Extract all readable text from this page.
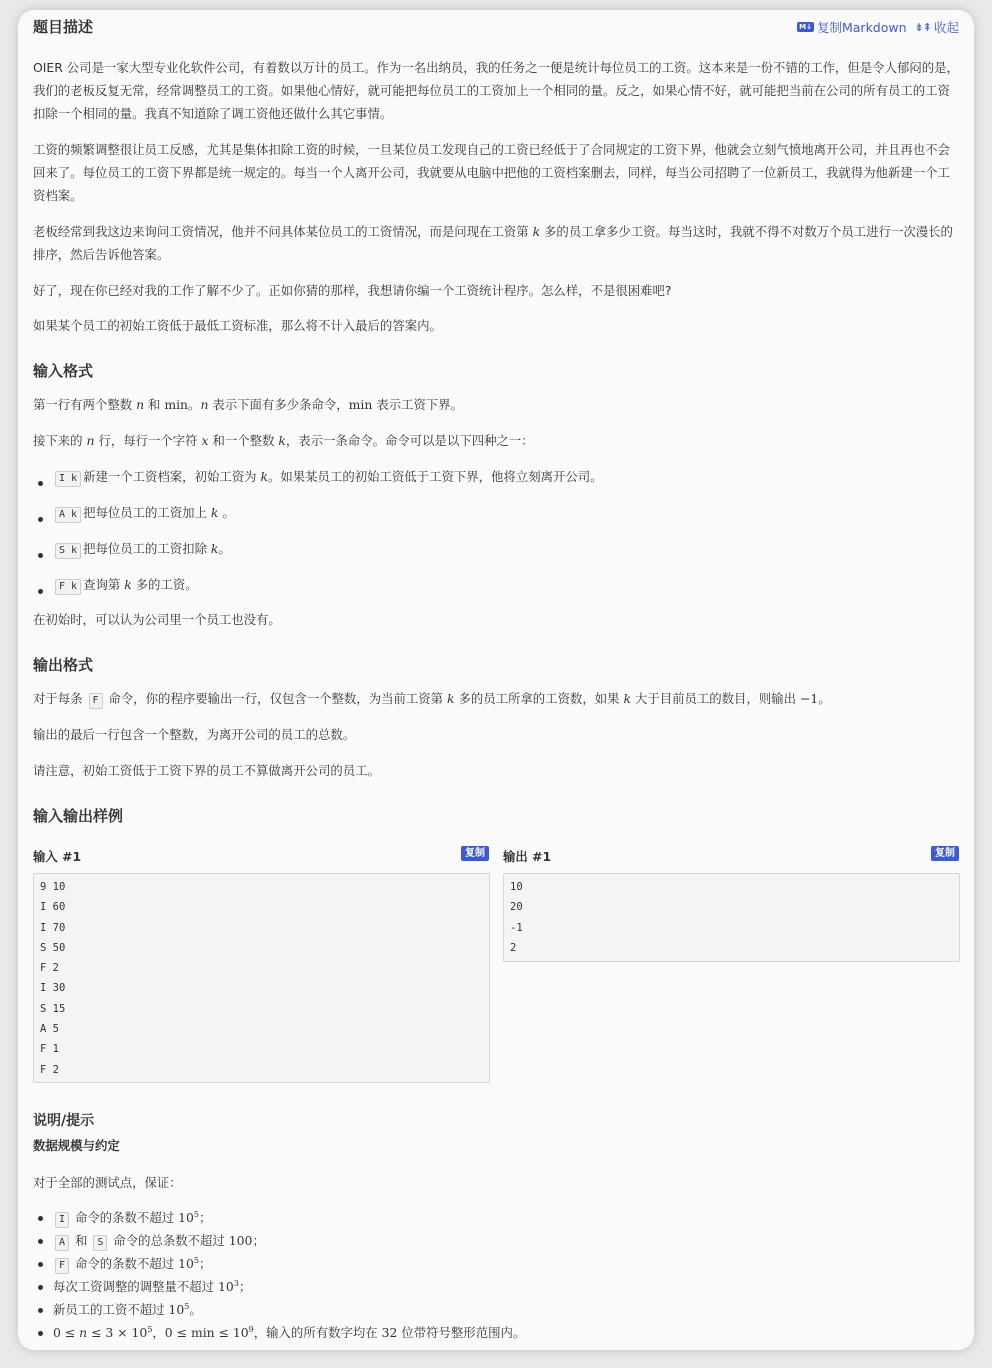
题目描述	M↓ 复制Markdown ⇟⇞ 收起

OIER 公司是一家大型专业化软件公司，有着数以万计的员工。作为一名出纳员，我的任务之一便是统计每位员工的工资。这本来是一份不错的工作，但是令人郁闷的是，我们的老板反复无常，经常调整员工的工资。如果他心情好，就可能把每位员工的工资加上一个相同的量。反之，如果心情不好，就可能把当前在公司的所有员工的工资扣除一个相同的量。我真不知道除了调工资他还做什么其它事情。

工资的频繁调整很让员工反感，尤其是集体扣除工资的时候，一旦某位员工发现自己的工资已经低于了合同规定的工资下界，他就会立刻气愤地离开公司，并且再也不会回来了。每位员工的工资下界都是统一规定的。每当一个人离开公司，我就要从电脑中把他的工资档案删去，同样，每当公司招聘了一位新员工，我就得为他新建一个工资档案。

老板经常到我这边来询问工资情况，他并不问具体某位员工的工资情况，而是问现在工资第 k 多的员工拿多少工资。每当这时，我就不得不对数万个员工进行一次漫长的排序，然后告诉他答案。

好了，现在你已经对我的工作了解不少了。正如你猜的那样，我想请你编一个工资统计程序。怎么样，不是很困难吧?

如果某个员工的初始工资低于最低工资标准，那么将不计入最后的答案内。

输入格式

第一行有两个整数 n 和 min。n 表示下面有多少条命令，min 表示工资下界。

接下来的 n 行，每行一个字符 x 和一个整数 k，表示一条命令。命令可以是以下四种之一：

I k 新建一个工资档案，初始工资为 k。如果某员工的初始工资低于工资下界，他将立刻离开公司。
A k 把每位员工的工资加上 k 。
S k 把每位员工的工资扣除 k。
F k 查询第 k 多的工资。

在初始时，可以认为公司里一个员工也没有。

输出格式

对于每条 F 命令，你的程序要输出一行，仅包含一个整数，为当前工资第 k 多的员工所拿的工资数，如果 k 大于目前员工的数目，则输出 −1。

输出的最后一行包含一个整数，为离开公司的员工的总数。

请注意，初始工资低于工资下界的员工不算做离开公司的员工。

输入输出样例
输入 #1	复制
9 10
I 60
I 70
S 50
F 2
I 30
S 15
A 5
F 1
F 2
输出 #1	复制
10
20
-1
2
说明/提示
数据规模与约定

对于全部的测试点，保证：

I 命令的条数不超过 $10^5$；
A 和 S 命令的总条数不超过 100；
F 命令的条数不超过 $10^5$；
每次工资调整的调整量不超过 $10^3$；
新员工的工资不超过 $10^5$。
$0 \le n \le 3 \times 10^5$，$0 \le \min \le 10^9$，输入的所有数字均在 32 位带符号整形范围内。
